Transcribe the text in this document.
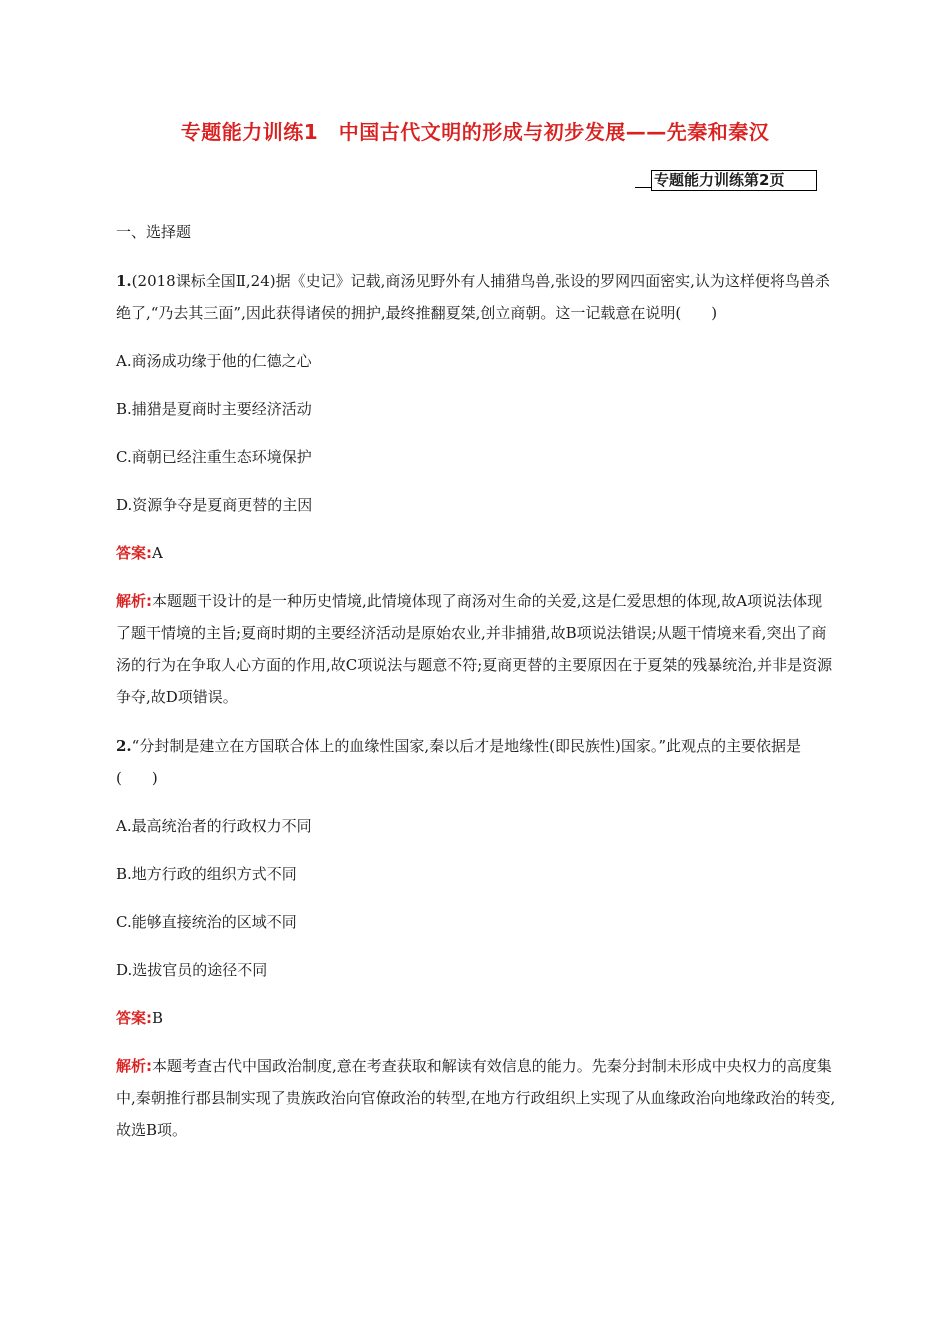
专题能力训练1　中国古代文明的形成与初步发展——先秦和秦汉
专题能力训练第2页

一、选择题

1.(2018课标全国Ⅱ,24)据《史记》记载,商汤见野外有人捕猎鸟兽,张设的罗网四面密实,认为这样便将鸟兽杀绝了,“乃去其三面”,因此获得诸侯的拥护,最终推翻夏桀,创立商朝。这一记载意在说明(　　)

A.商汤成功缘于他的仁德之心

B.捕猎是夏商时主要经济活动

C.商朝已经注重生态环境保护

D.资源争夺是夏商更替的主因

答案:A

解析:本题题干设计的是一种历史情境,此情境体现了商汤对生命的关爱,这是仁爱思想的体现,故A项说法体现了题干情境的主旨;夏商时期的主要经济活动是原始农业,并非捕猎,故B项说法错误;从题干情境来看,突出了商汤的行为在争取人心方面的作用,故C项说法与题意不符;夏商更替的主要原因在于夏桀的残暴统治,并非是资源争夺,故D项错误。

2.“分封制是建立在方国联合体上的血缘性国家,秦以后才是地缘性(即民族性)国家。”此观点的主要依据是(　　)

A.最高统治者的行政权力不同

B.地方行政的组织方式不同

C.能够直接统治的区域不同

D.选拔官员的途径不同

答案:B

解析:本题考查古代中国政治制度,意在考查获取和解读有效信息的能力。先秦分封制未形成中央权力的高度集中,秦朝推行郡县制实现了贵族政治向官僚政治的转型,在地方行政组织上实现了从血缘政治向地缘政治的转变,故选B项。
